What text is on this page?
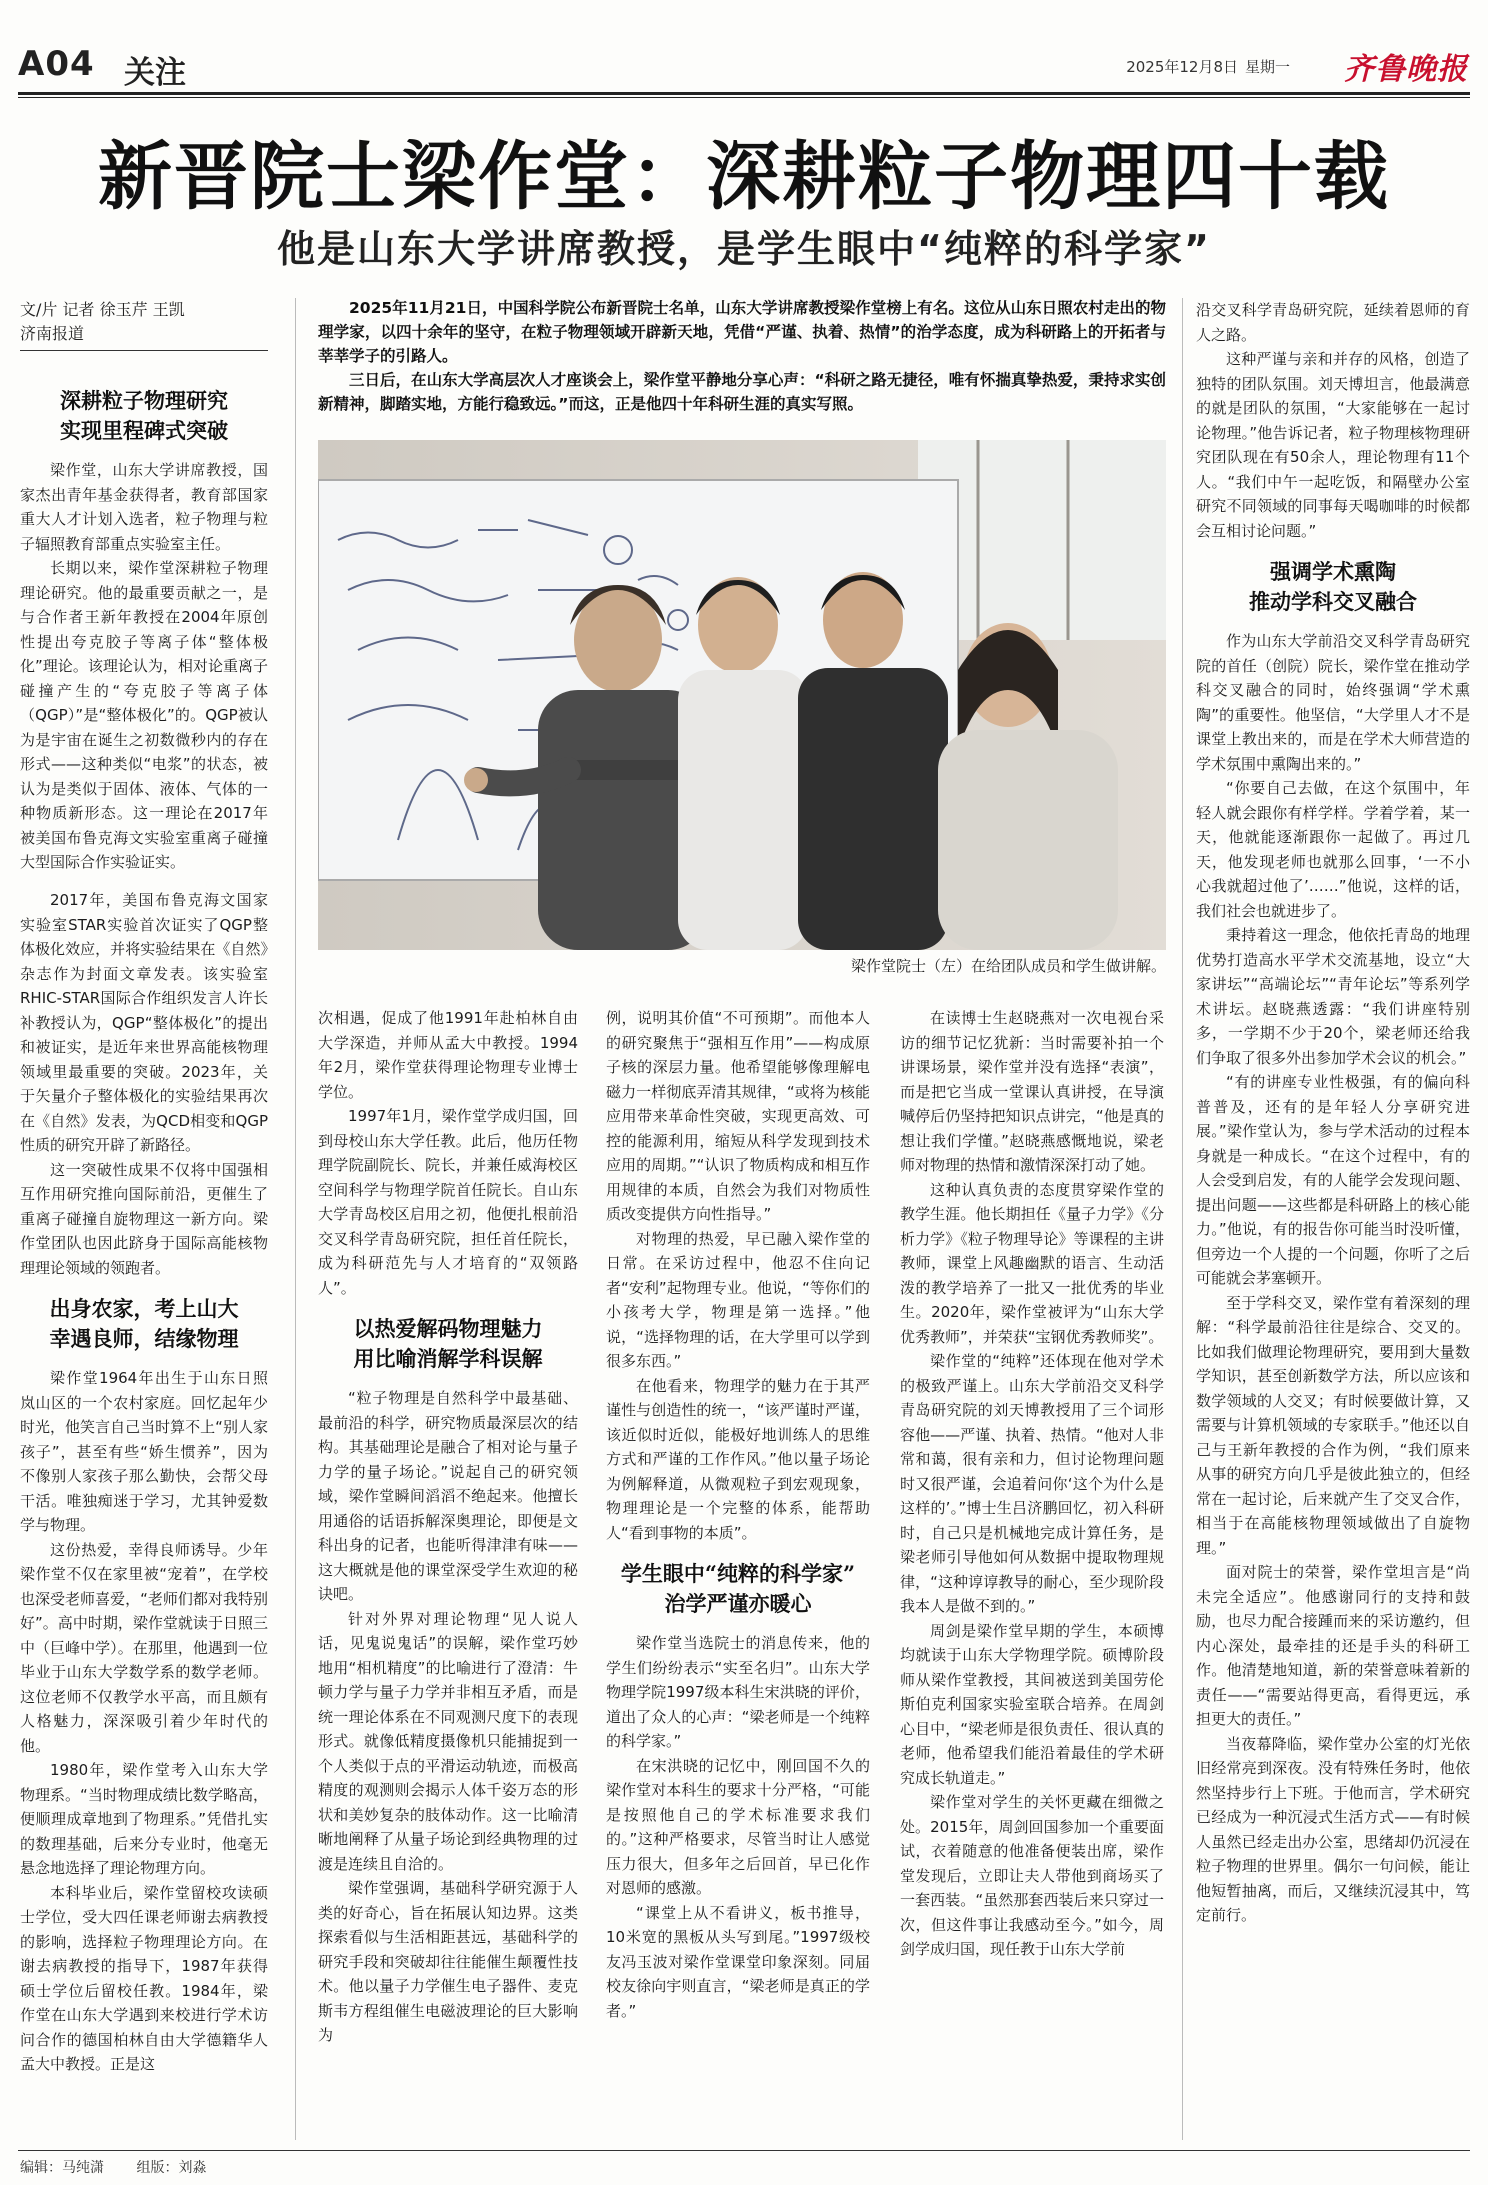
A04 关注	2025年12月8日 星期一 齐鲁晚报
新晋院士梁作堂：深耕粒子物理四十载
他是山东大学讲席教授，是学生眼中“纯粹的科学家”
文/片 记者 徐玉芹 王凯
济南报道

2025年11月21日，中国科学院公布新晋院士名单，山东大学讲席教授梁作堂榜上有名。这位从山东日照农村走出的物理学家，以四十余年的坚守，在粒子物理领域开辟新天地，凭借“严谨、执着、热情”的治学态度，成为科研路上的开拓者与莘莘学子的引路人。

三日后，在山东大学高层次人才座谈会上，梁作堂平静地分享心声：“科研之路无捷径，唯有怀揣真挚热爱，秉持求实创新精神，脚踏实地，方能行稳致远。”而这，正是他四十年科研生涯的真实写照。

梁作堂院士（左）在给团队成员和学生做讲解。
深耕粒子物理研究
实现里程碑式突破

梁作堂，山东大学讲席教授，国家杰出青年基金获得者，教育部国家重大人才计划入选者，粒子物理与粒子辐照教育部重点实验室主任。

长期以来，梁作堂深耕粒子物理理论研究。他的最重要贡献之一，是与合作者王新年教授在2004年原创性提出夸克胶子等离子体“整体极化”理论。该理论认为，相对论重离子碰撞产生的“夸克胶子等离子体（QGP）”是“整体极化”的。QGP被认为是宇宙在诞生之初数微秒内的存在形式——这种类似“电浆”的状态，被认为是类似于固体、液体、气体的一种物质新形态。这一理论在2017年被美国布鲁克海文实验室重离子碰撞大型国际合作实验证实。

2017年，美国布鲁克海文国家实验室STAR实验首次证实了QGP整体极化效应，并将实验结果在《自然》杂志作为封面文章发表。该实验室RHIC-STAR国际合作组织发言人许长补教授认为，QGP“整体极化”的提出和被证实，是近年来世界高能核物理领域里最重要的突破。2023年，关于矢量介子整体极化的实验结果再次在《自然》发表，为QCD相变和QGP性质的研究开辟了新路径。

这一突破性成果不仅将中国强相互作用研究推向国际前沿，更催生了重离子碰撞自旋物理这一新方向。梁作堂团队也因此跻身于国际高能核物理理论领域的领跑者。

出身农家，考上山大
幸遇良师，结缘物理

梁作堂1964年出生于山东日照岚山区的一个农村家庭。回忆起年少时光，他笑言自己当时算不上“别人家孩子”，甚至有些“娇生惯养”，因为不像别人家孩子那么勤快，会帮父母干活。唯独痴迷于学习，尤其钟爱数学与物理。

这份热爱，幸得良师诱导。少年梁作堂不仅在家里被“宠着”，在学校也深受老师喜爱，“老师们都对我特别好”。高中时期，梁作堂就读于日照三中（巨峰中学）。在那里，他遇到一位毕业于山东大学数学系的数学老师。这位老师不仅教学水平高，而且颇有人格魅力，深深吸引着少年时代的他。

1980年，梁作堂考入山东大学物理系。“当时物理成绩比数学略高，便顺理成章地到了物理系。”凭借扎实的数理基础，后来分专业时，他毫无悬念地选择了理论物理方向。

本科毕业后，梁作堂留校攻读硕士学位，受大四任课老师谢去病教授的影响，选择粒子物理理论方向。在谢去病教授的指导下，1987年获得硕士学位后留校任教。1984年，梁作堂在山东大学遇到来校进行学术访问合作的德国柏林自由大学德籍华人孟大中教授。正是这

次相遇，促成了他1991年赴柏林自由大学深造，并师从孟大中教授。1994年2月，梁作堂获得理论物理专业博士学位。

1997年1月，梁作堂学成归国，回到母校山东大学任教。此后，他历任物理学院副院长、院长，并兼任威海校区空间科学与物理学院首任院长。自山东大学青岛校区启用之初，他便扎根前沿交叉科学青岛研究院，担任首任院长，成为科研范先与人才培育的“双领路人”。

以热爱解码物理魅力
用比喻消解学科误解

“粒子物理是自然科学中最基础、最前沿的科学，研究物质最深层次的结构。其基础理论是融合了相对论与量子力学的量子场论。”说起自己的研究领域，梁作堂瞬间滔滔不绝起来。他擅长用通俗的话语拆解深奥理论，即便是文科出身的记者，也能听得津津有味——这大概就是他的课堂深受学生欢迎的秘诀吧。

针对外界对理论物理“见人说人话，见鬼说鬼话”的误解，梁作堂巧妙地用“相机精度”的比喻进行了澄清：牛顿力学与量子力学并非相互矛盾，而是统一理论体系在不同观测尺度下的表现形式。就像低精度摄像机只能捕捉到一个人类似于点的平滑运动轨迹，而极高精度的观测则会揭示人体千姿万态的形状和美妙复杂的肢体动作。这一比喻清晰地阐释了从量子场论到经典物理的过渡是连续且自洽的。

梁作堂强调，基础科学研究源于人类的好奇心，旨在拓展认知边界。这类探索看似与生活相距甚远，基础科学的研究手段和突破却往往能催生颠覆性技术。他以量子力学催生电子器件、麦克斯韦方程组催生电磁波理论的巨大影响为

例，说明其价值“不可预期”。而他本人的研究聚焦于“强相互作用”——构成原子核的深层力量。他希望能够像理解电磁力一样彻底弄清其规律，“或将为核能应用带来革命性突破，实现更高效、可控的能源利用，缩短从科学发现到技术应用的周期。”“认识了物质构成和相互作用规律的本质，自然会为我们对物质性质改变提供方向性指导。”

对物理的热爱，早已融入梁作堂的日常。在采访过程中，他忍不住向记者“安利”起物理专业。他说，“等你们的小孩考大学，物理是第一选择。”他说，“选择物理的话，在大学里可以学到很多东西。”

在他看来，物理学的魅力在于其严谨性与创造性的统一，“该严谨时严谨，该近似时近似，能极好地训练人的思维方式和严谨的工作作风。”他以量子场论为例解释道，从微观粒子到宏观现象，物理理论是一个完整的体系，能帮助人“看到事物的本质”。

学生眼中“纯粹的科学家”
治学严谨亦暖心

梁作堂当选院士的消息传来，他的学生们纷纷表示“实至名归”。山东大学物理学院1997级本科生宋洪晓的评价，道出了众人的心声：“梁老师是一个纯粹的科学家。”

在宋洪晓的记忆中，刚回国不久的梁作堂对本科生的要求十分严格，“可能是按照他自己的学术标准要求我们的。”这种严格要求，尽管当时让人感觉压力很大，但多年之后回首，早已化作对恩师的感激。

“课堂上从不看讲义，板书推导，10米宽的黑板从头写到尾。”1997级校友冯玉波对梁作堂课堂印象深刻。同届校友徐向宇则直言，“梁老师是真正的学者。”

在读博士生赵晓燕对一次电视台采访的细节记忆犹新：当时需要补拍一个讲课场景，梁作堂并没有选择“表演”，而是把它当成一堂课认真讲授，在导演喊停后仍坚持把知识点讲完，“他是真的想让我们学懂。”赵晓燕感慨地说，梁老师对物理的热情和激情深深打动了她。

这种认真负责的态度贯穿梁作堂的教学生涯。他长期担任《量子力学》《分析力学》《粒子物理导论》等课程的主讲教师，课堂上风趣幽默的语言、生动活泼的教学培养了一批又一批优秀的毕业生。2020年，梁作堂被评为“山东大学优秀教师”，并荣获“宝钢优秀教师奖”。

梁作堂的“纯粹”还体现在他对学术的极致严谨上。山东大学前沿交叉科学青岛研究院的刘天博教授用了三个词形容他——严谨、执着、热情。“他对人非常和蔼，很有亲和力，但讨论物理问题时又很严谨，会追着问你‘这个为什么是这样的’。”博士生吕济鹏回忆，初入科研时，自己只是机械地完成计算任务，是梁老师引导他如何从数据中提取物理规律，“这种谆谆教导的耐心，至少现阶段我本人是做不到的。”

周剑是梁作堂早期的学生，本硕博均就读于山东大学物理学院。硕博阶段师从梁作堂教授，其间被送到美国劳伦斯伯克利国家实验室联合培养。在周剑心目中，“梁老师是很负责任、很认真的老师，他希望我们能沿着最佳的学术研究成长轨道走。”

梁作堂对学生的关怀更藏在细微之处。2015年，周剑回国参加一个重要面试，衣着随意的他准备便装出席，梁作堂发现后，立即让夫人带他到商场买了一套西装。“虽然那套西装后来只穿过一次，但这件事让我感动至今。”如今，周剑学成归国，现任教于山东大学前

沿交叉科学青岛研究院，延续着恩师的育人之路。

这种严谨与亲和并存的风格，创造了独特的团队氛围。刘天博坦言，他最满意的就是团队的氛围，“大家能够在一起讨论物理。”他告诉记者，粒子物理核物理研究团队现在有50余人，理论物理有11个人。“我们中午一起吃饭，和隔壁办公室研究不同领域的同事每天喝咖啡的时候都会互相讨论问题。”

强调学术熏陶
推动学科交叉融合

作为山东大学前沿交叉科学青岛研究院的首任（创院）院长，梁作堂在推动学科交叉融合的同时，始终强调“学术熏陶”的重要性。他坚信，“大学里人才不是课堂上教出来的，而是在学术大师营造的学术氛围中熏陶出来的。”

“你要自己去做，在这个氛围中，年轻人就会跟你有样学样。学着学着，某一天，他就能逐渐跟你一起做了。再过几天，他发现老师也就那么回事，‘一不小心我就超过他了’……”他说，这样的话，我们社会也就进步了。

秉持着这一理念，他依托青岛的地理优势打造高水平学术交流基地，设立“大家讲坛”“高端论坛”“青年论坛”等系列学术讲坛。赵晓燕透露：“我们讲座特别多，一学期不少于20个，梁老师还给我们争取了很多外出参加学术会议的机会。”

“有的讲座专业性极强，有的偏向科普普及，还有的是年轻人分享研究进展。”梁作堂认为，参与学术活动的过程本身就是一种成长。“在这个过程中，有的人会受到启发，有的人能学会发现问题、提出问题——这些都是科研路上的核心能力。”他说，有的报告你可能当时没听懂，但旁边一个人提的一个问题，你听了之后可能就会茅塞顿开。

至于学科交叉，梁作堂有着深刻的理解：“科学最前沿往往是综合、交叉的。比如我们做理论物理研究，要用到大量数学知识，甚至创新数学方法，所以应该和数学领域的人交叉；有时候要做计算，又需要与计算机领域的专家联手。”他还以自己与王新年教授的合作为例，“我们原来从事的研究方向几乎是彼此独立的，但经常在一起讨论，后来就产生了交叉合作，相当于在高能核物理领域做出了自旋物理。”

面对院士的荣誉，梁作堂坦言是“尚未完全适应”。他感谢同行的支持和鼓励，也尽力配合接踵而来的采访邀约，但内心深处，最牵挂的还是手头的科研工作。他清楚地知道，新的荣誉意味着新的责任——“需要站得更高，看得更远，承担更大的责任。”

当夜幕降临，梁作堂办公室的灯光依旧经常亮到深夜。没有特殊任务时，他依然坚持步行上下班。于他而言，学术研究已经成为一种沉浸式生活方式——有时候人虽然已经走出办公室，思绪却仍沉浸在粒子物理的世界里。偶尔一句问候，能让他短暂抽离，而后，又继续沉浸其中，笃定前行。

编辑：马纯潇 组版：刘淼
